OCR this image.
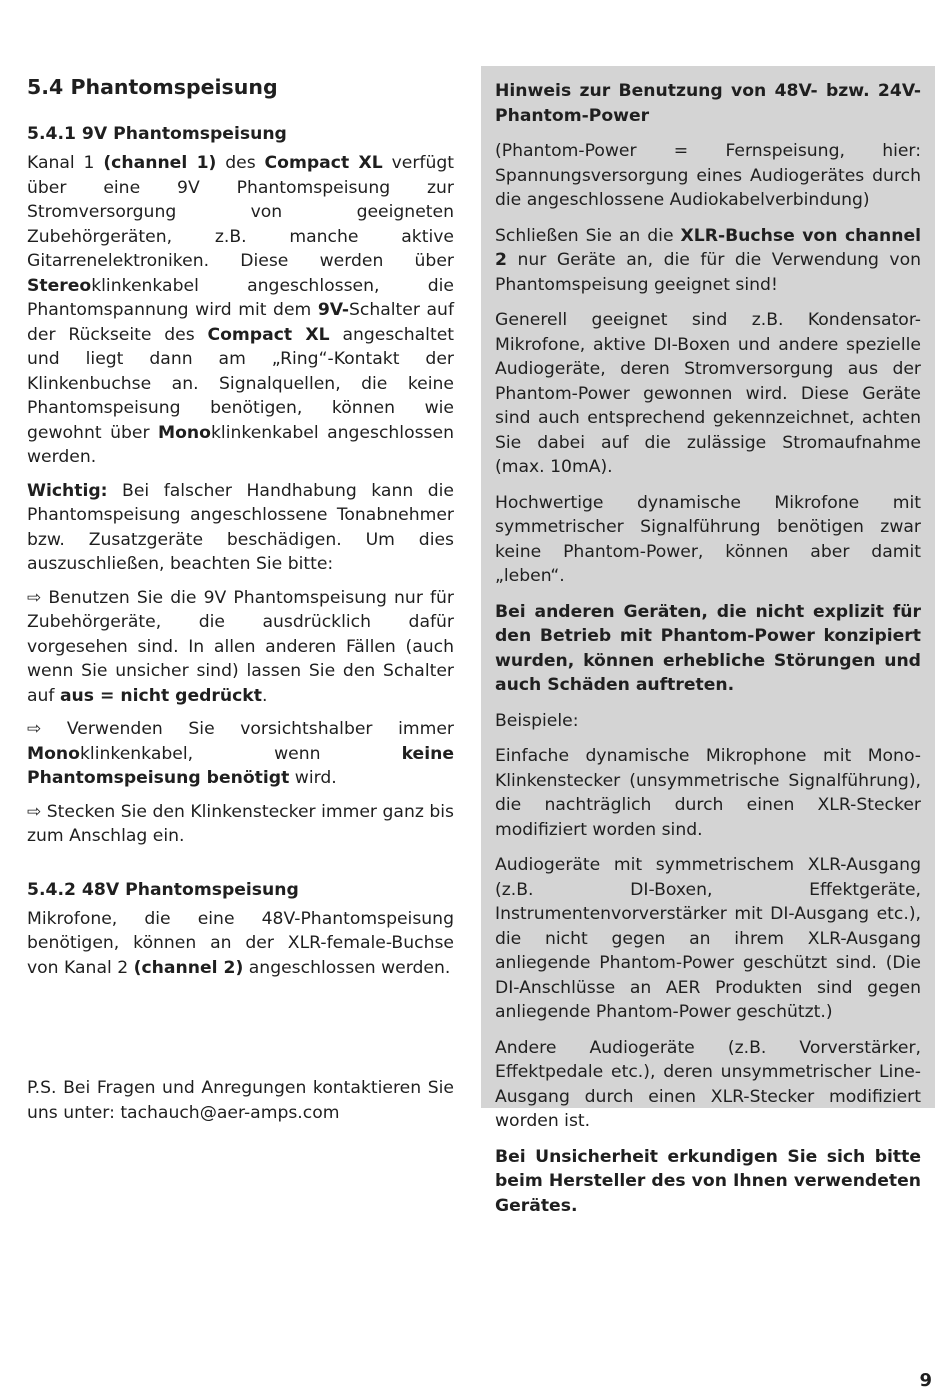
5.4 Phantomspeisung
5.4.1 9V Phantomspeisung

Kanal 1 (channel 1) des Compact XL verfügt über eine 9V Phantomspeisung zur Stromversorgung von geeigneten Zubehörgeräten, z.B. manche aktive Gitarrenelektroniken. Diese werden über Stereoklinkenkabel angeschlossen, die Phantomspannung wird mit dem 9V-Schalter auf der Rückseite des Compact XL angeschaltet und liegt dann am „Ring“-Kontakt der Klinkenbuchse an. Signalquellen, die keine Phantomspeisung benötigen, können wie gewohnt über Monoklinkenkabel angeschlossen werden.

Wichtig: Bei falscher Handhabung kann die Phantomspeisung angeschlossene Tonabnehmer bzw. Zusatzgeräte beschädigen. Um dies auszuschließen, beachten Sie bitte:

⇨ Benutzen Sie die 9V Phantomspeisung nur für Zubehörgeräte, die ausdrücklich dafür vorgesehen sind. In allen anderen Fällen (auch wenn Sie unsicher sind) lassen Sie den Schalter auf aus = nicht gedrückt.

⇨ Verwenden Sie vorsichtshalber immer Monoklinkenkabel, wenn keine Phantomspeisung benötigt wird.

⇨ Stecken Sie den Klinkenstecker immer ganz bis zum Anschlag ein.

5.4.2 48V Phantomspeisung

Mikrofone, die eine 48V-Phantomspeisung benötigen, können an der XLR-female-Buchse von Kanal 2 (channel 2) angeschlossen werden.

P.S. Bei Fragen und Anregungen kontaktieren Sie uns unter: tachauch@aer-amps.com

Hinweis zur Benutzung von 48V- bzw. 24V-Phantom-Power

(Phantom-Power = Fernspeisung, hier: Spannungsversorgung eines Audiogerätes durch die angeschlossene Audiokabelverbindung)

Schließen Sie an die XLR-Buchse von channel 2 nur Geräte an, die für die Verwendung von Phantomspeisung geeignet sind!

Generell geeignet sind z.B. Kondensator-Mikrofone, aktive DI-Boxen und andere spezielle Audiogeräte, deren Stromversorgung aus der Phantom-Power gewonnen wird. Diese Geräte sind auch entsprechend gekennzeichnet, achten Sie dabei auf die zulässige Stromaufnahme (max. 10mA).

Hochwertige dynamische Mikrofone mit symmetrischer Signalführung benötigen zwar keine Phantom-Power, können aber damit „leben“.

Bei anderen Geräten, die nicht explizit für den Betrieb mit Phantom-Power konzipiert wurden, können erhebliche Störungen und auch Schäden auftreten.

Beispiele:

Einfache dynamische Mikrophone mit Mono-Klinkenstecker (unsymmetrische Signalführung), die nachträglich durch einen XLR-Stecker modifiziert worden sind.

Audiogeräte mit symmetrischem XLR-Ausgang (z.B. DI-Boxen, Effektgeräte, Instrumentenvorverstärker mit DI-Ausgang etc.), die nicht gegen an ihrem XLR-Ausgang anliegende Phantom-Power geschützt sind. (Die DI-Anschlüsse an AER Produkten sind gegen anliegende Phantom-Power geschützt.)

Andere Audiogeräte (z.B. Vorverstärker, Effektpedale etc.), deren unsymmetrischer Line-Ausgang durch einen XLR-Stecker modifiziert worden ist.

Bei Unsicherheit erkundigen Sie sich bitte beim Hersteller des von Ihnen verwendeten Gerätes.

9
